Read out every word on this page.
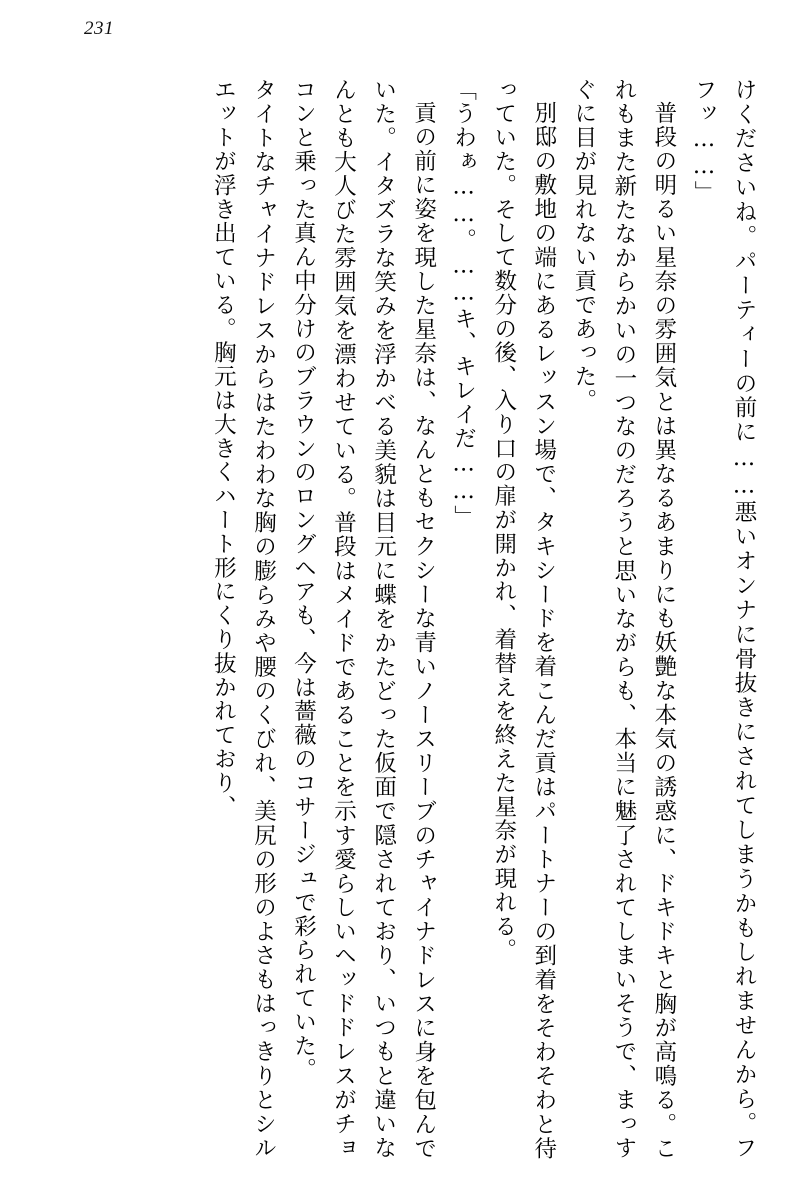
231

けくださいね。パーティーの前に……悪いオンナに骨抜きにされてしまうかもしれませんから。フフッ……」

普段の明るい星奈の雰囲気とは異なるあまりにも妖艶な本気の誘惑に、ドキドキと胸が高鳴る。これもまた新たなからかいの一つなのだろうと思いながらも、本当に魅了されてしまいそうで、まっすぐに目が見れない貢であった。

別邸の敷地の端にあるレッスン場で、タキシードを着こんだ貢はパートナーの到着をそわそわと待っていた。そして数分の後、入り口の扉が開かれ、着替えを終えた星奈が現れる。

「うわぁ……。……キ、キレイだ……」

貢の前に姿を現した星奈は、なんともセクシーな青いノースリーブのチャイナドレスに身を包んでいた。イタズラな笑みを浮かべる美貌は目元に蝶をかたどった仮面で隠されており、いつもと違いなんとも大人びた雰囲気を漂わせている。普段はメイドであることを示す愛らしいヘッドドレスがチョコンと乗った真ん中分けのブラウンのロングヘアも、今は薔薇のコサージュで彩られていた。

タイトなチャイナドレスからはたわわな胸の膨らみや腰のくびれ、美尻の形のよさもはっきりとシルエットが浮き出ている。胸元は大きくハート形にくり抜かれており、
